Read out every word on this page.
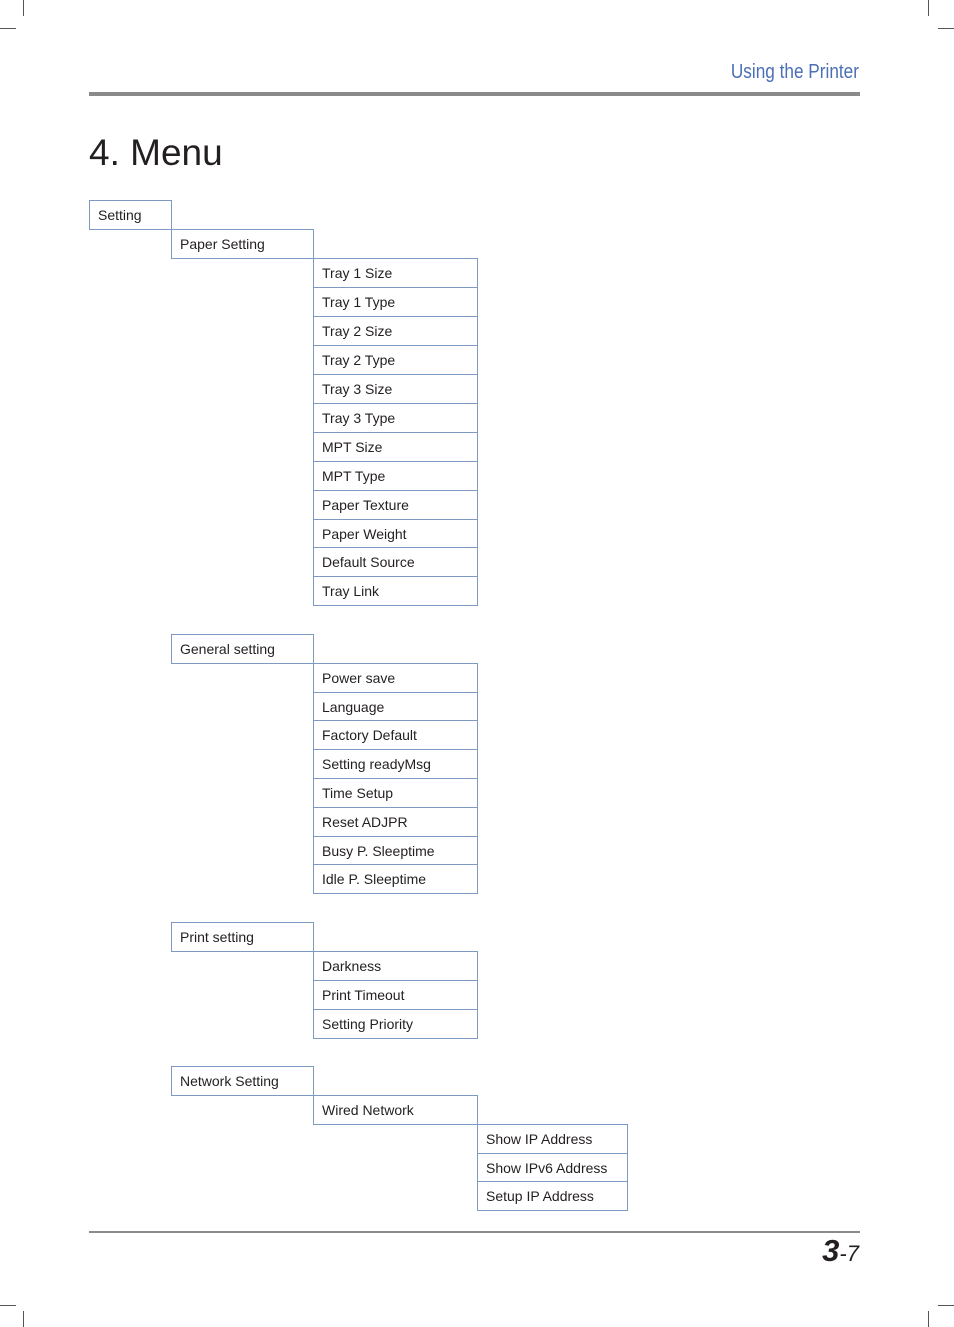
Using the Printer
4. Menu
Setting
Paper Setting
Tray 1 Size
Tray 1 Type
Tray 2 Size
Tray 2 Type
Tray 3 Size
Tray 3 Type
MPT Size
MPT Type
Paper Texture
Paper Weight
Default Source
Tray Link
General setting
Power save
Language
Factory Default
Setting readyMsg
Time Setup
Reset ADJPR
Busy P. Sleeptime
Idle P. Sleeptime
Print setting
Darkness
Print Timeout
Setting Priority
Network Setting
Wired Network
Show IP Address
Show IPv6 Address
Setup IP Address
3-7
